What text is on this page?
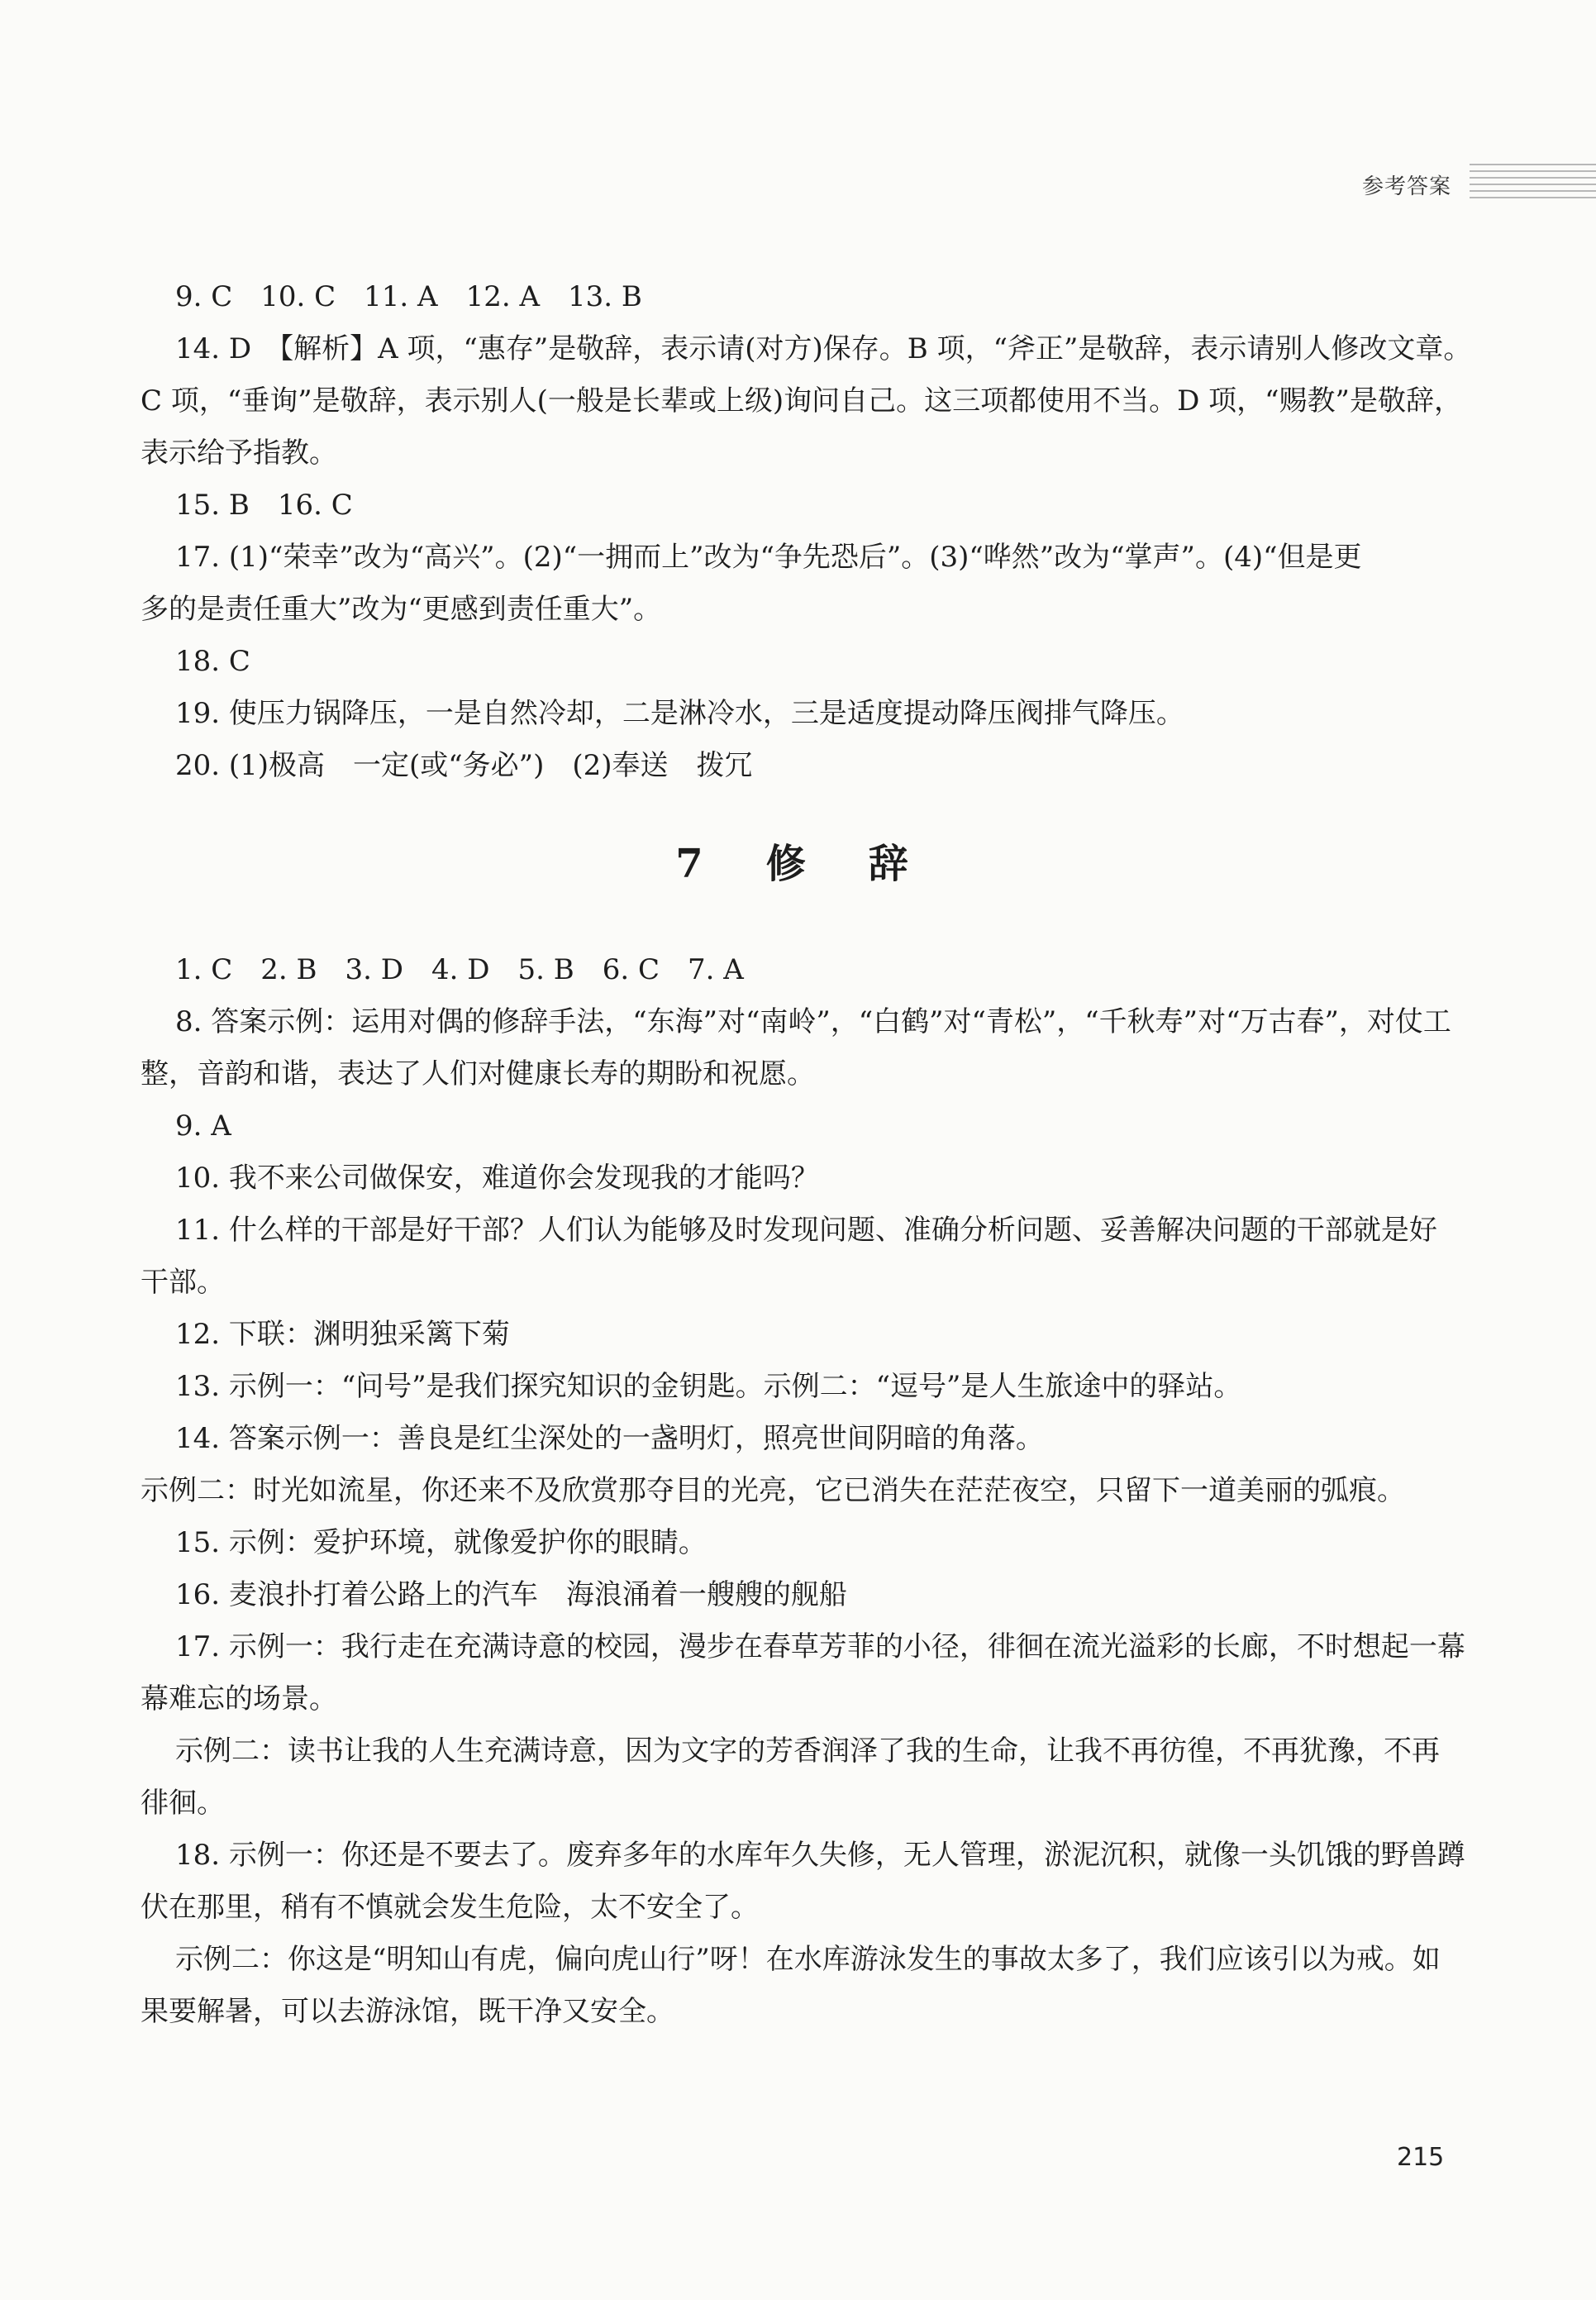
参考答案
9. C　10. C　11. A　12. A　13. B
14. D　【解析】A 项，“惠存”是敬辞，表示请(对方)保存。B 项，“斧正”是敬辞，表示请别人修改文章。
C 项，“垂询”是敬辞，表示别人(一般是长辈或上级)询问自己。这三项都使用不当。D 项，“赐教”是敬辞，
表示给予指教。
15. B　16. C
17. (1)“荣幸”改为“高兴”。(2)“一拥而上”改为“争先恐后”。(3)“哗然”改为“掌声”。(4)“但是更
多的是责任重大”改为“更感到责任重大”。
18. C
19. 使压力锅降压，一是自然冷却，二是淋冷水，三是适度提动降压阀排气降压。
20. (1)极高　一定(或“务必”)　(2)奉送　拨冗
7　修　辞
1. C　2. B　3. D　4. D　5. B　6. C　7. A
8. 答案示例：运用对偶的修辞手法，“东海”对“南岭”，“白鹤”对“青松”，“千秋寿”对“万古春”，对仗工
整，音韵和谐，表达了人们对健康长寿的期盼和祝愿。
9. A
10. 我不来公司做保安，难道你会发现我的才能吗？
11. 什么样的干部是好干部？人们认为能够及时发现问题、准确分析问题、妥善解决问题的干部就是好
干部。
12. 下联：渊明独采篱下菊
13. 示例一：“问号”是我们探究知识的金钥匙。示例二：“逗号”是人生旅途中的驿站。
14. 答案示例一：善良是红尘深处的一盏明灯，照亮世间阴暗的角落。
示例二：时光如流星，你还来不及欣赏那夺目的光亮，它已消失在茫茫夜空，只留下一道美丽的弧痕。
15. 示例：爱护环境，就像爱护你的眼睛。
16. 麦浪扑打着公路上的汽车　海浪涌着一艘艘的舰船
17. 示例一：我行走在充满诗意的校园，漫步在春草芳菲的小径，徘徊在流光溢彩的长廊，不时想起一幕
幕难忘的场景。
示例二：读书让我的人生充满诗意，因为文字的芳香润泽了我的生命，让我不再彷徨，不再犹豫，不再
徘徊。
18. 示例一：你还是不要去了。废弃多年的水库年久失修，无人管理，淤泥沉积，就像一头饥饿的野兽蹲
伏在那里，稍有不慎就会发生危险，太不安全了。
示例二：你这是“明知山有虎，偏向虎山行”呀！在水库游泳发生的事故太多了，我们应该引以为戒。如
果要解暑，可以去游泳馆，既干净又安全。
215
